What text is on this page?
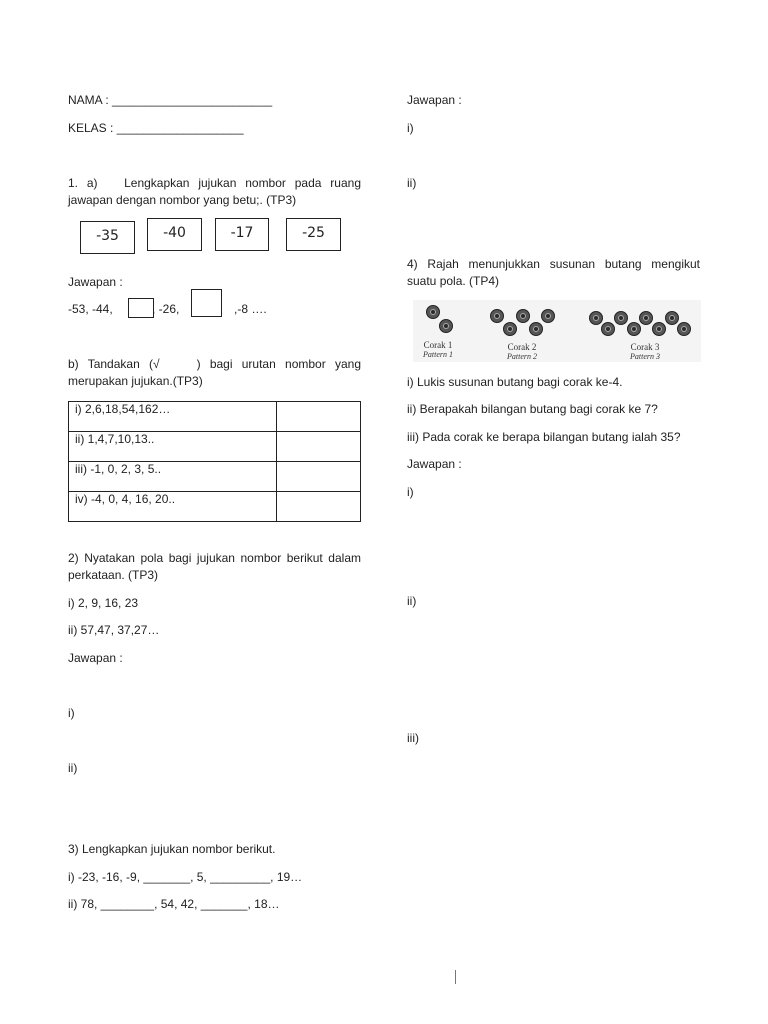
NAMA : ________________________
KELAS : ___________________
1. a)   Lengkapkan jujukan nombor pada ruang jawapan dengan nombor yang betu;. (TP3)
-35	-40	-17	-25
Jawapan :
-53, -44,	, -26,	,-8 ….
b) Tandakan (√    ) bagi urutan nombor yang merupakan jujukan.(TP3)
i) 2,6,18,54,162…	
ii) 1,4,7,10,13..	
iii) -1, 0, 2, 3, 5..	
iv) -4, 0, 4, 16, 20..	
2) Nyatakan pola bagi jujukan nombor berikut dalam perkataan. (TP3)
i) 2, 9, 16, 23
ii) 57,47, 37,27…
Jawapan :
i)
ii)
3) Lengkapkan jujukan nombor berikut.
i) -23, -16, -9, _______, 5, _________, 19…
ii) 78, ________, 54, 42, _______, 18…
Jawapan :
i)
ii)
4) Rajah menunjukkan susunan butang mengikut suatu pola. (TP4)
Corak 1
Pattern 1
Corak 2
Pattern 2
Corak 3
Pattern 3
i) Lukis susunan butang bagi corak ke-4.
ii) Berapakah bilangan butang bagi corak ke 7?
iii) Pada corak ke berapa bilangan butang ialah 35?
Jawapan :
i)
ii)
iii)
